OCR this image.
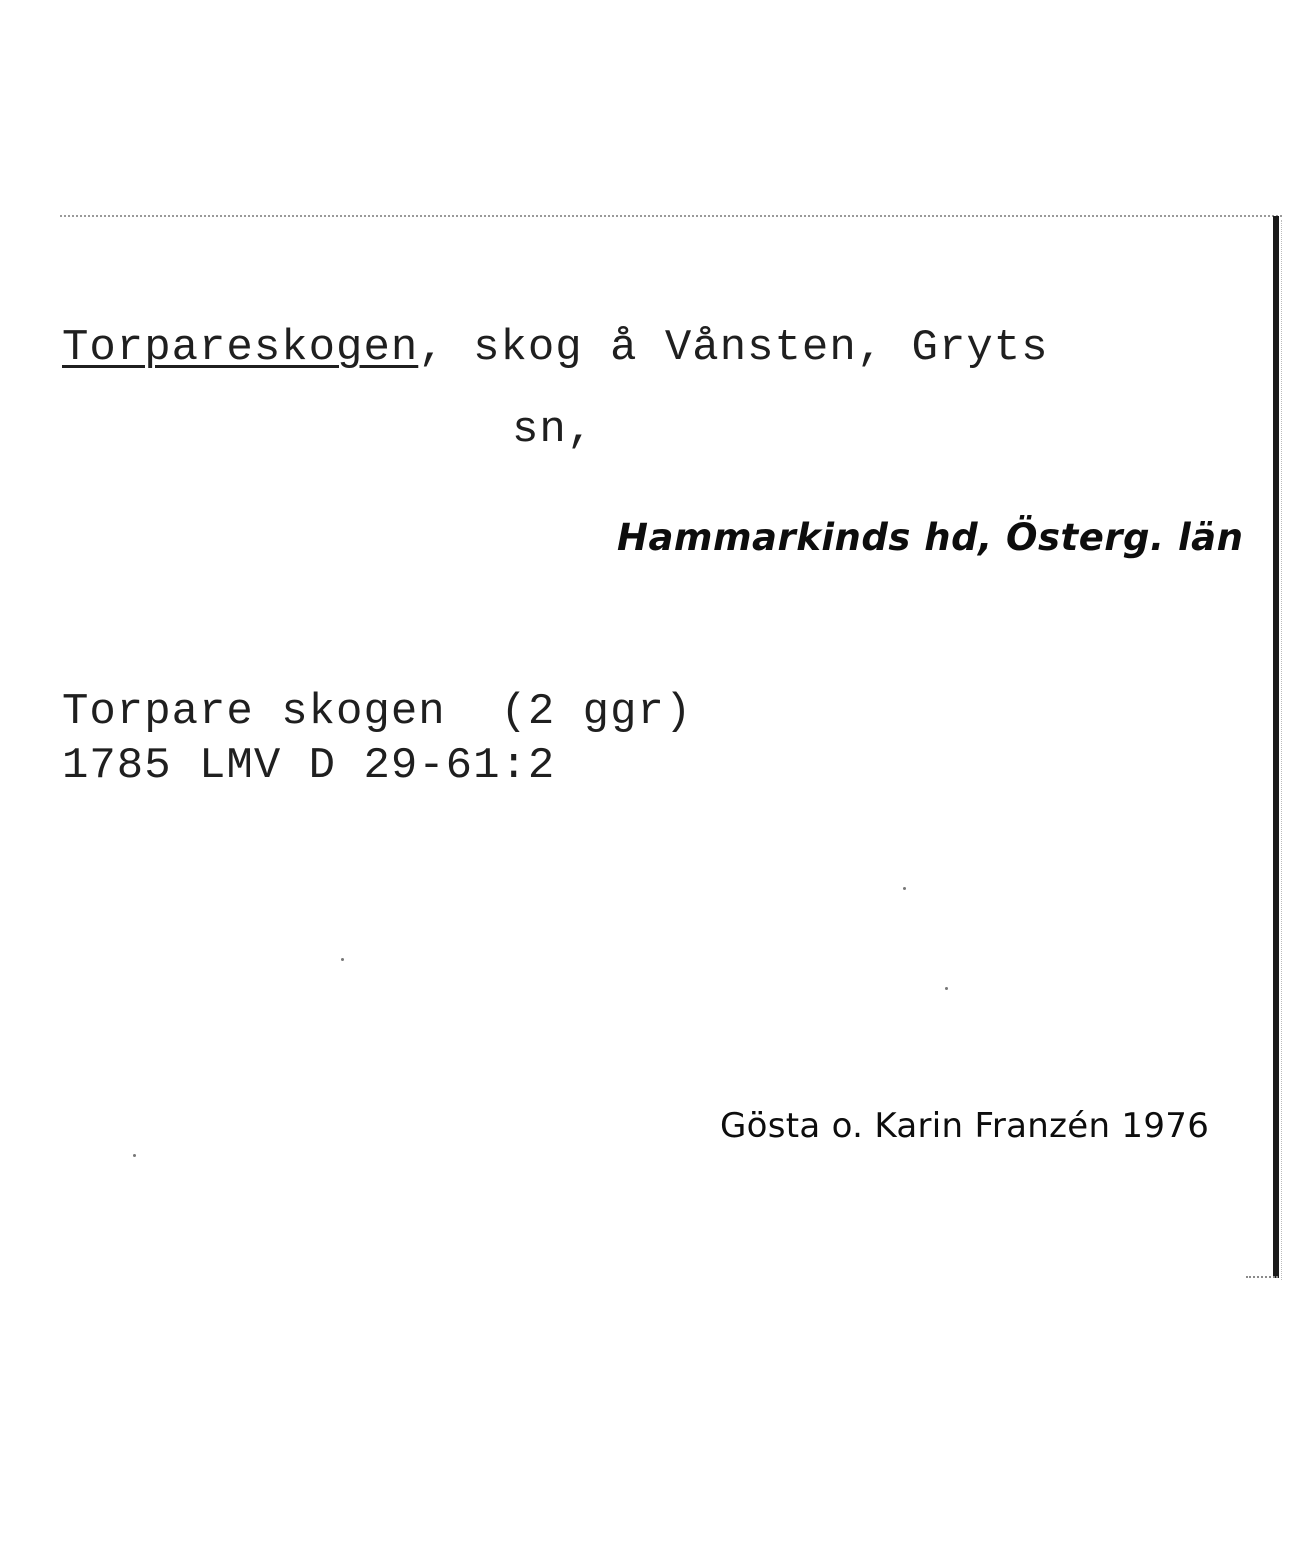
Torpareskogen, skog å Vånsten, Gryts
sn,
Hammarkinds hd, Österg. län
Torpare skogen  (2 ggr)
1785 LMV D 29-61:2
Gösta o. Karin Franzén 1976
